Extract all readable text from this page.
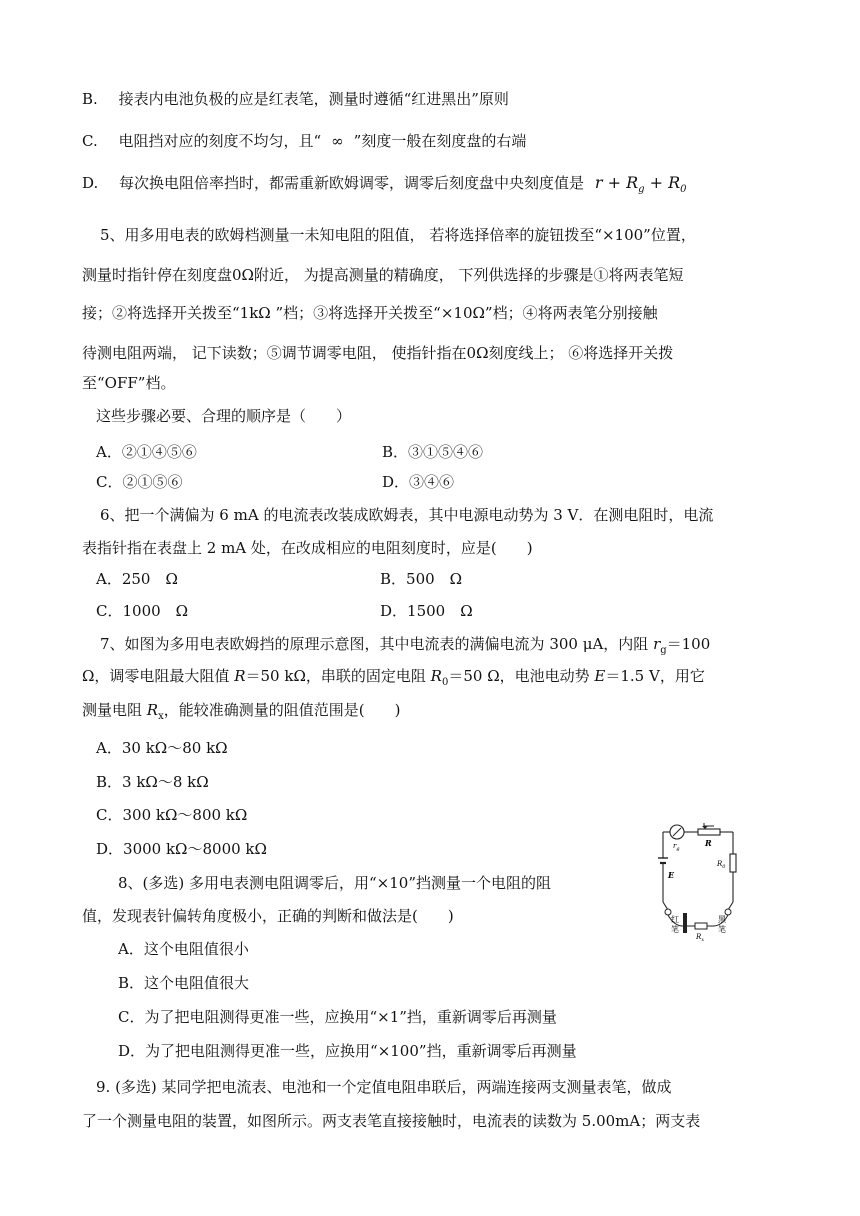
B. 接表内电池负极的应是红表笔，测量时遵循“红进黑出”原则
C. 电阻挡对应的刻度不均匀，且“ ∞ ”刻度一般在刻度盘的右端
D. 每次换电阻倍率挡时，都需重新欧姆调零，调零后刻度盘中央刻度值是 $r + R_g + R_0$
5、用多用电表的欧姆档测量一未知电阻的阻值， 若将选择倍率的旋钮拨至“×100”位置，
测量时指针停在刻度盘0Ω附近， 为提高测量的精确度， 下列供选择的步骤是①将两表笔短
接；②将选择开关拨至“1kΩ ”档；③将选择开关拨至“×10Ω”档；④将两表笔分别接触
待测电阻两端， 记下读数；⑤调节调零电阻， 使指针指在0Ω刻度线上； ⑥将选择开关拨
至“OFF”档。
这些步骤必要、合理的顺序是（　　）
A．②①④⑤⑥	B．③①⑤④⑥
C．②①⑤⑥	D．③④⑥
6、把一个满偏为 6 mA 的电流表改装成欧姆表，其中电源电动势为 3 V．在测电阻时，电流
表指针指在表盘上 2 mA 处，在改成相应的电阻刻度时，应是(　　)
A．250　Ω	B．500　Ω
C．1000　Ω	D．1500　Ω
7、如图为多用电表欧姆挡的原理示意图，其中电流表的满偏电流为 300 μA，内阻 $r_g=100$
Ω，调零电阻最大阻值 R＝50 kΩ，串联的固定电阻 $R_0=50$ Ω，电池电动势 E＝1.5 V，用它
测量电阻 $R_x$，能较准确测量的阻值范围是(　　)
A．30 kΩ～80 kΩ
B．3 kΩ～8 kΩ
C．300 kΩ～800 kΩ
D．3000 kΩ～8000 kΩ
8、(多选) 多用电表测电阻调零后，用“×10”挡测量一个电阻的阻
值，发现表针偏转角度极小，正确的判断和做法是(　　)
A．这个电阻值很小
B．这个电阻值很大
C．为了把电阻测得更准一些，应换用“×1”挡，重新调零后再测量
D．为了把电阻测得更准一些，应换用“×100”挡，重新调零后再测量
9. (多选) 某同学把电流表、电池和一个定值电阻串联后，两端连接两支测量表笔，做成
了一个测量电阻的装置，如图所示。两支表笔直接接触时，电流表的读数为 5.00mA；两支表
$r_g$
R
$R_0$
E
红
笔
黑
笔
$R_x$
